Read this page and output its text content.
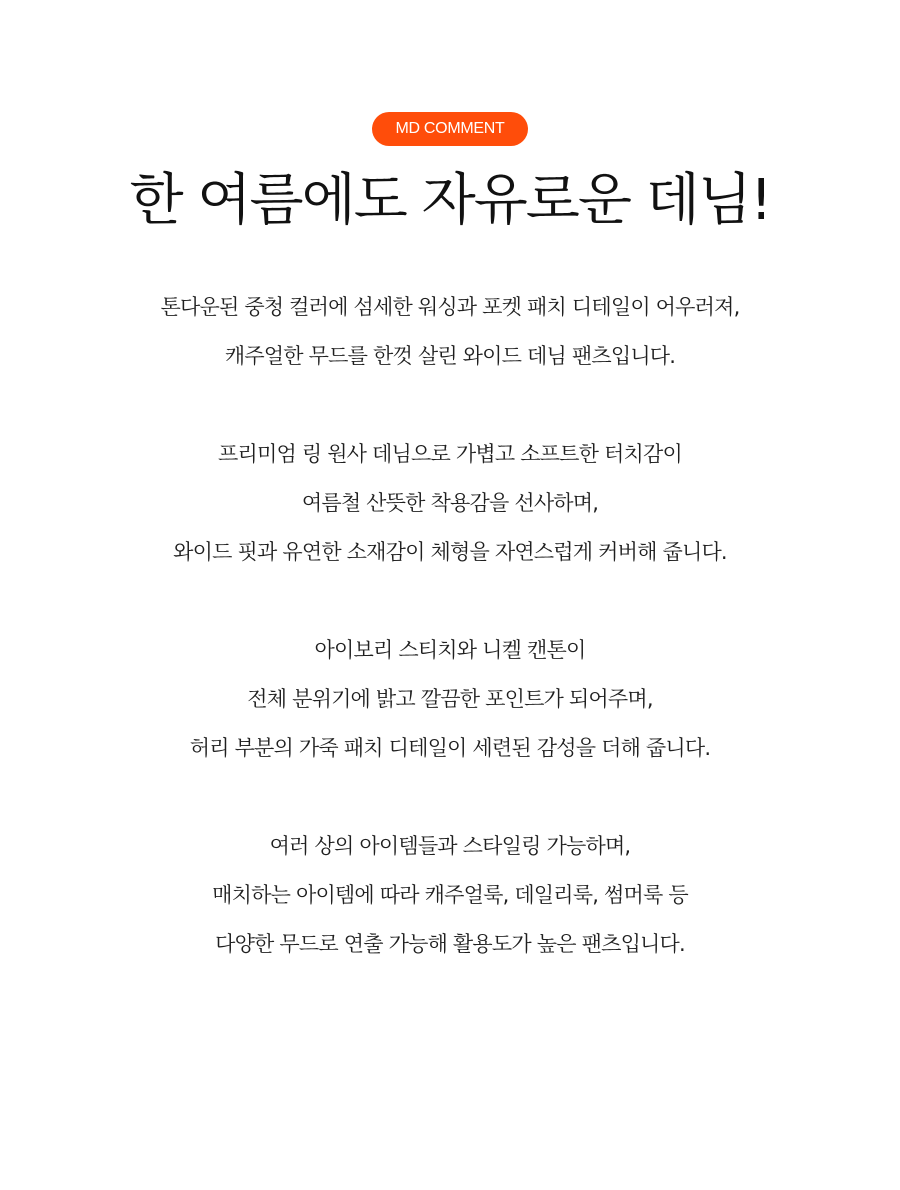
MD COMMENT
한 여름에도 자유로운 데님!

톤다운된 중청 컬러에 섬세한 워싱과 포켓 패치 디테일이 어우러져,
캐주얼한 무드를 한껏 살린 와이드 데님 팬츠입니다.

프리미엄 링 원사 데님으로 가볍고 소프트한 터치감이
여름철 산뜻한 착용감을 선사하며,
와이드 핏과 유연한 소재감이 체형을 자연스럽게 커버해 줍니다.

아이보리 스티치와 니켈 캔톤이
전체 분위기에 밝고 깔끔한 포인트가 되어주며,
허리 부분의 가죽 패치 디테일이 세련된 감성을 더해 줍니다.

여러 상의 아이템들과 스타일링 가능하며,
매치하는 아이템에 따라 캐주얼룩, 데일리룩, 썸머룩 등
다양한 무드로 연출 가능해 활용도가 높은 팬츠입니다.
